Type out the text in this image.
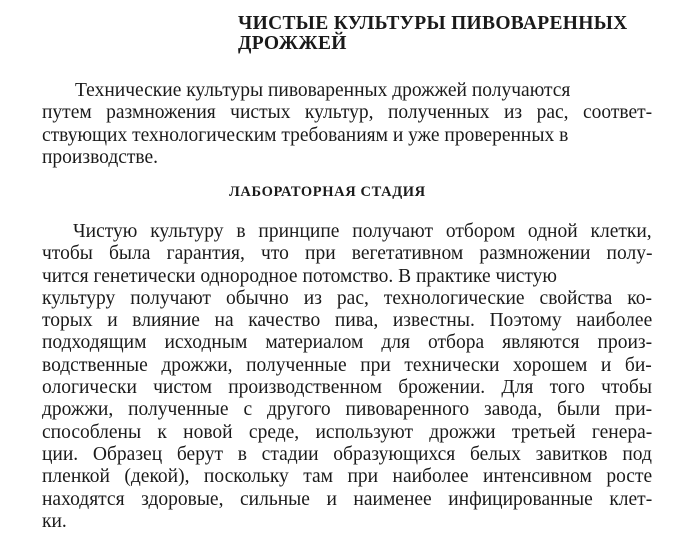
ЧИСТЫЕ КУЛЬТУРЫ ПИВОВАРЕННЫХ
ДРОЖЖЕЙ
Технические культуры пивоваренных дрожжей получаются
путем размножения чистых культур, полученных из рас, соответ-
ствующих технологическим требованиям и уже проверенных в
производстве.
ЛАБОРАТОРНАЯ СТАДИЯ
Чистую культуру в принципе получают отбором одной клетки,
чтобы была гарантия, что при вегетативном размножении полу-
чится генетически однородное потомство. В практике чистую
культуру получают обычно из рас, технологические свойства ко-
торых и влияние на качество пива, известны. Поэтому наиболее
подходящим исходным материалом для отбора являются произ-
водственные дрожжи, полученные при технически хорошем и би-
ологически чистом производственном брожении. Для того чтобы
дрожжи, полученные с другого пивоваренного завода, были при-
способлены к новой среде, используют дрожжи третьей генера-
ции. Образец берут в стадии образующихся белых завитков под
пленкой (декой), поскольку там при наиболее интенсивном росте
находятся здоровые, сильные и наименее инфицированные клет-
ки.
